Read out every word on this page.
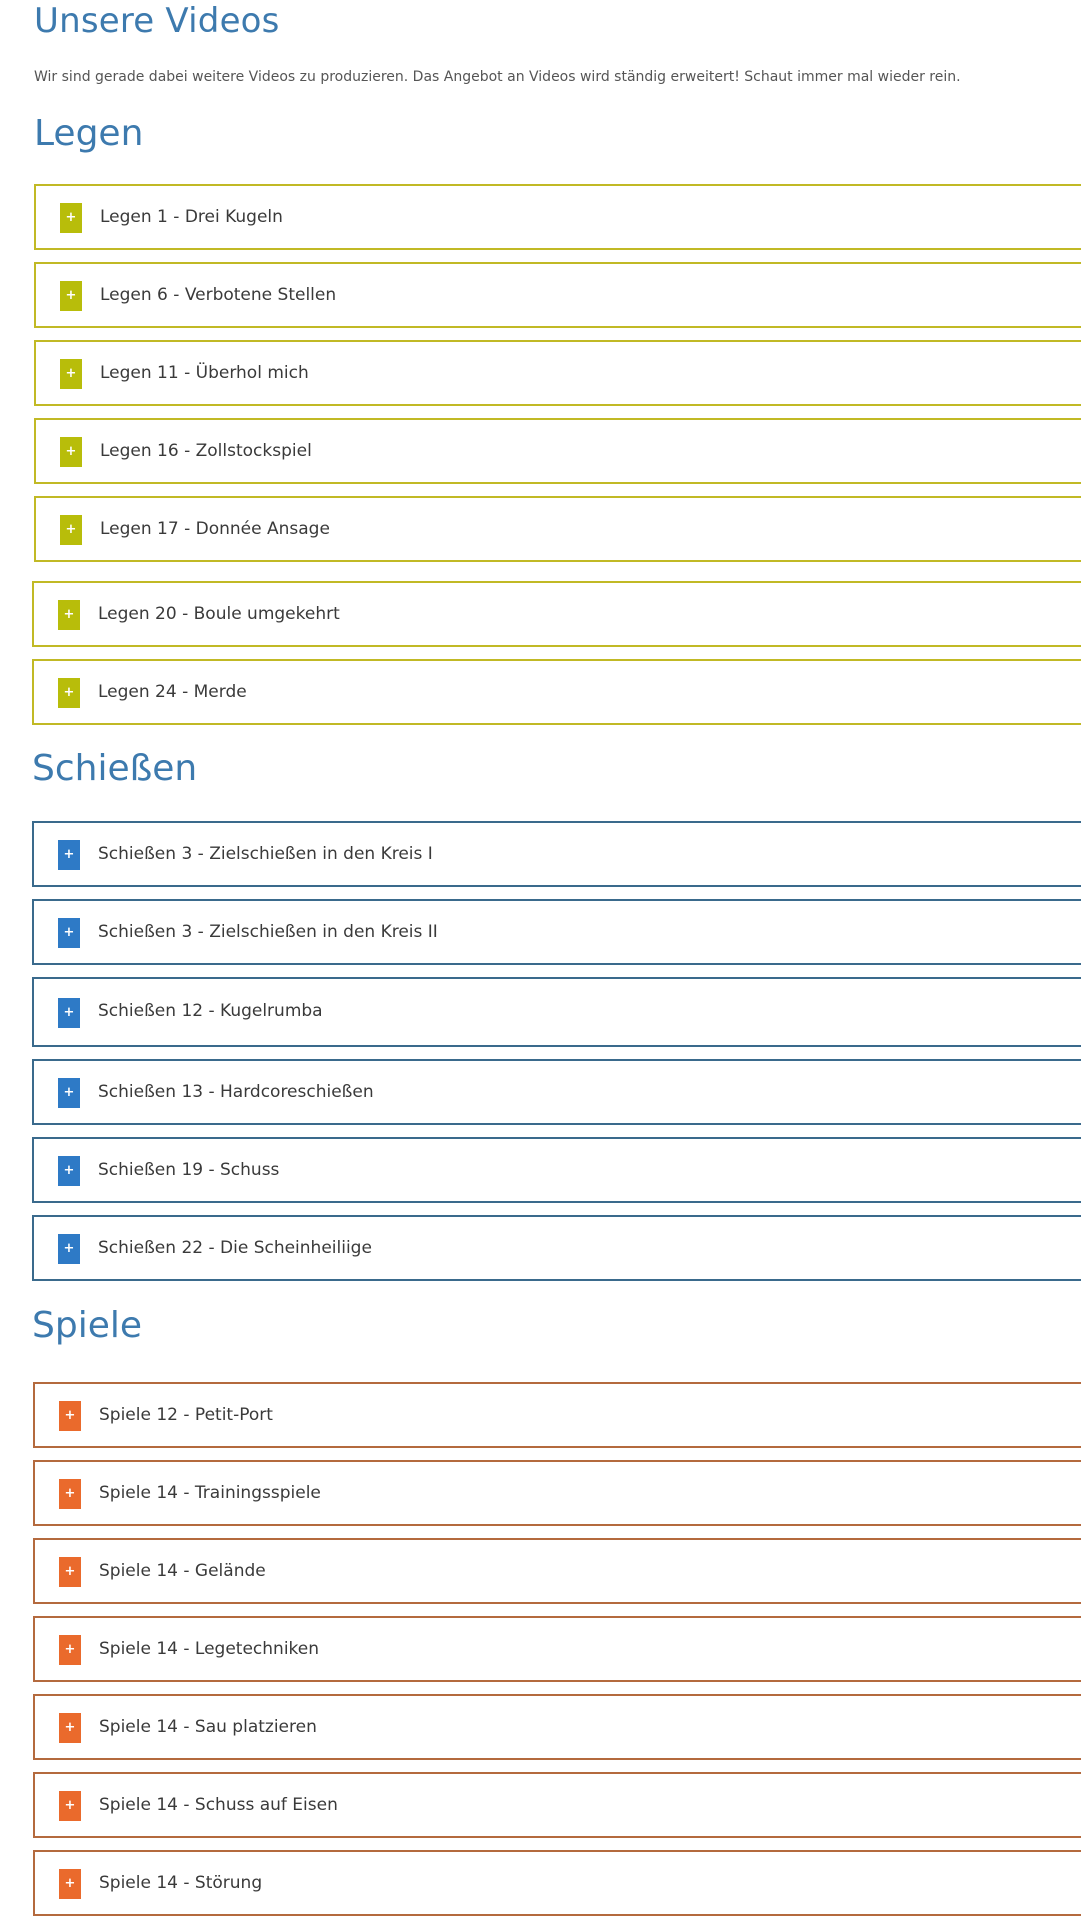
Unsere Videos

Wir sind gerade dabei weitere Videos zu produzieren. Das Angebot an Videos wird ständig erweitert! Schaut immer mal wieder rein.

Legen
+	Legen 1 - Drei Kugeln
+	Legen 6 - Verbotene Stellen
+	Legen 11 - Überhol mich
+	Legen 16 - Zollstockspiel
+	Legen 17 - Donnée Ansage
+	Legen 20 - Boule umgekehrt
+	Legen 24 - Merde
Schießen
+	Schießen 3 - Zielschießen in den Kreis I
+	Schießen 3 - Zielschießen in den Kreis II
+	Schießen 12 - Kugelrumba
+	Schießen 13 - Hardcoreschießen
+	Schießen 19 - Schuss
+	Schießen 22 - Die Scheinheiliige
Spiele
+	Spiele 12 - Petit-Port
+	Spiele 14 - Trainingsspiele
+	Spiele 14 - Gelände
+	Spiele 14 - Legetechniken
+	Spiele 14 - Sau platzieren
+	Spiele 14 - Schuss auf Eisen
+	Spiele 14 - Störung
